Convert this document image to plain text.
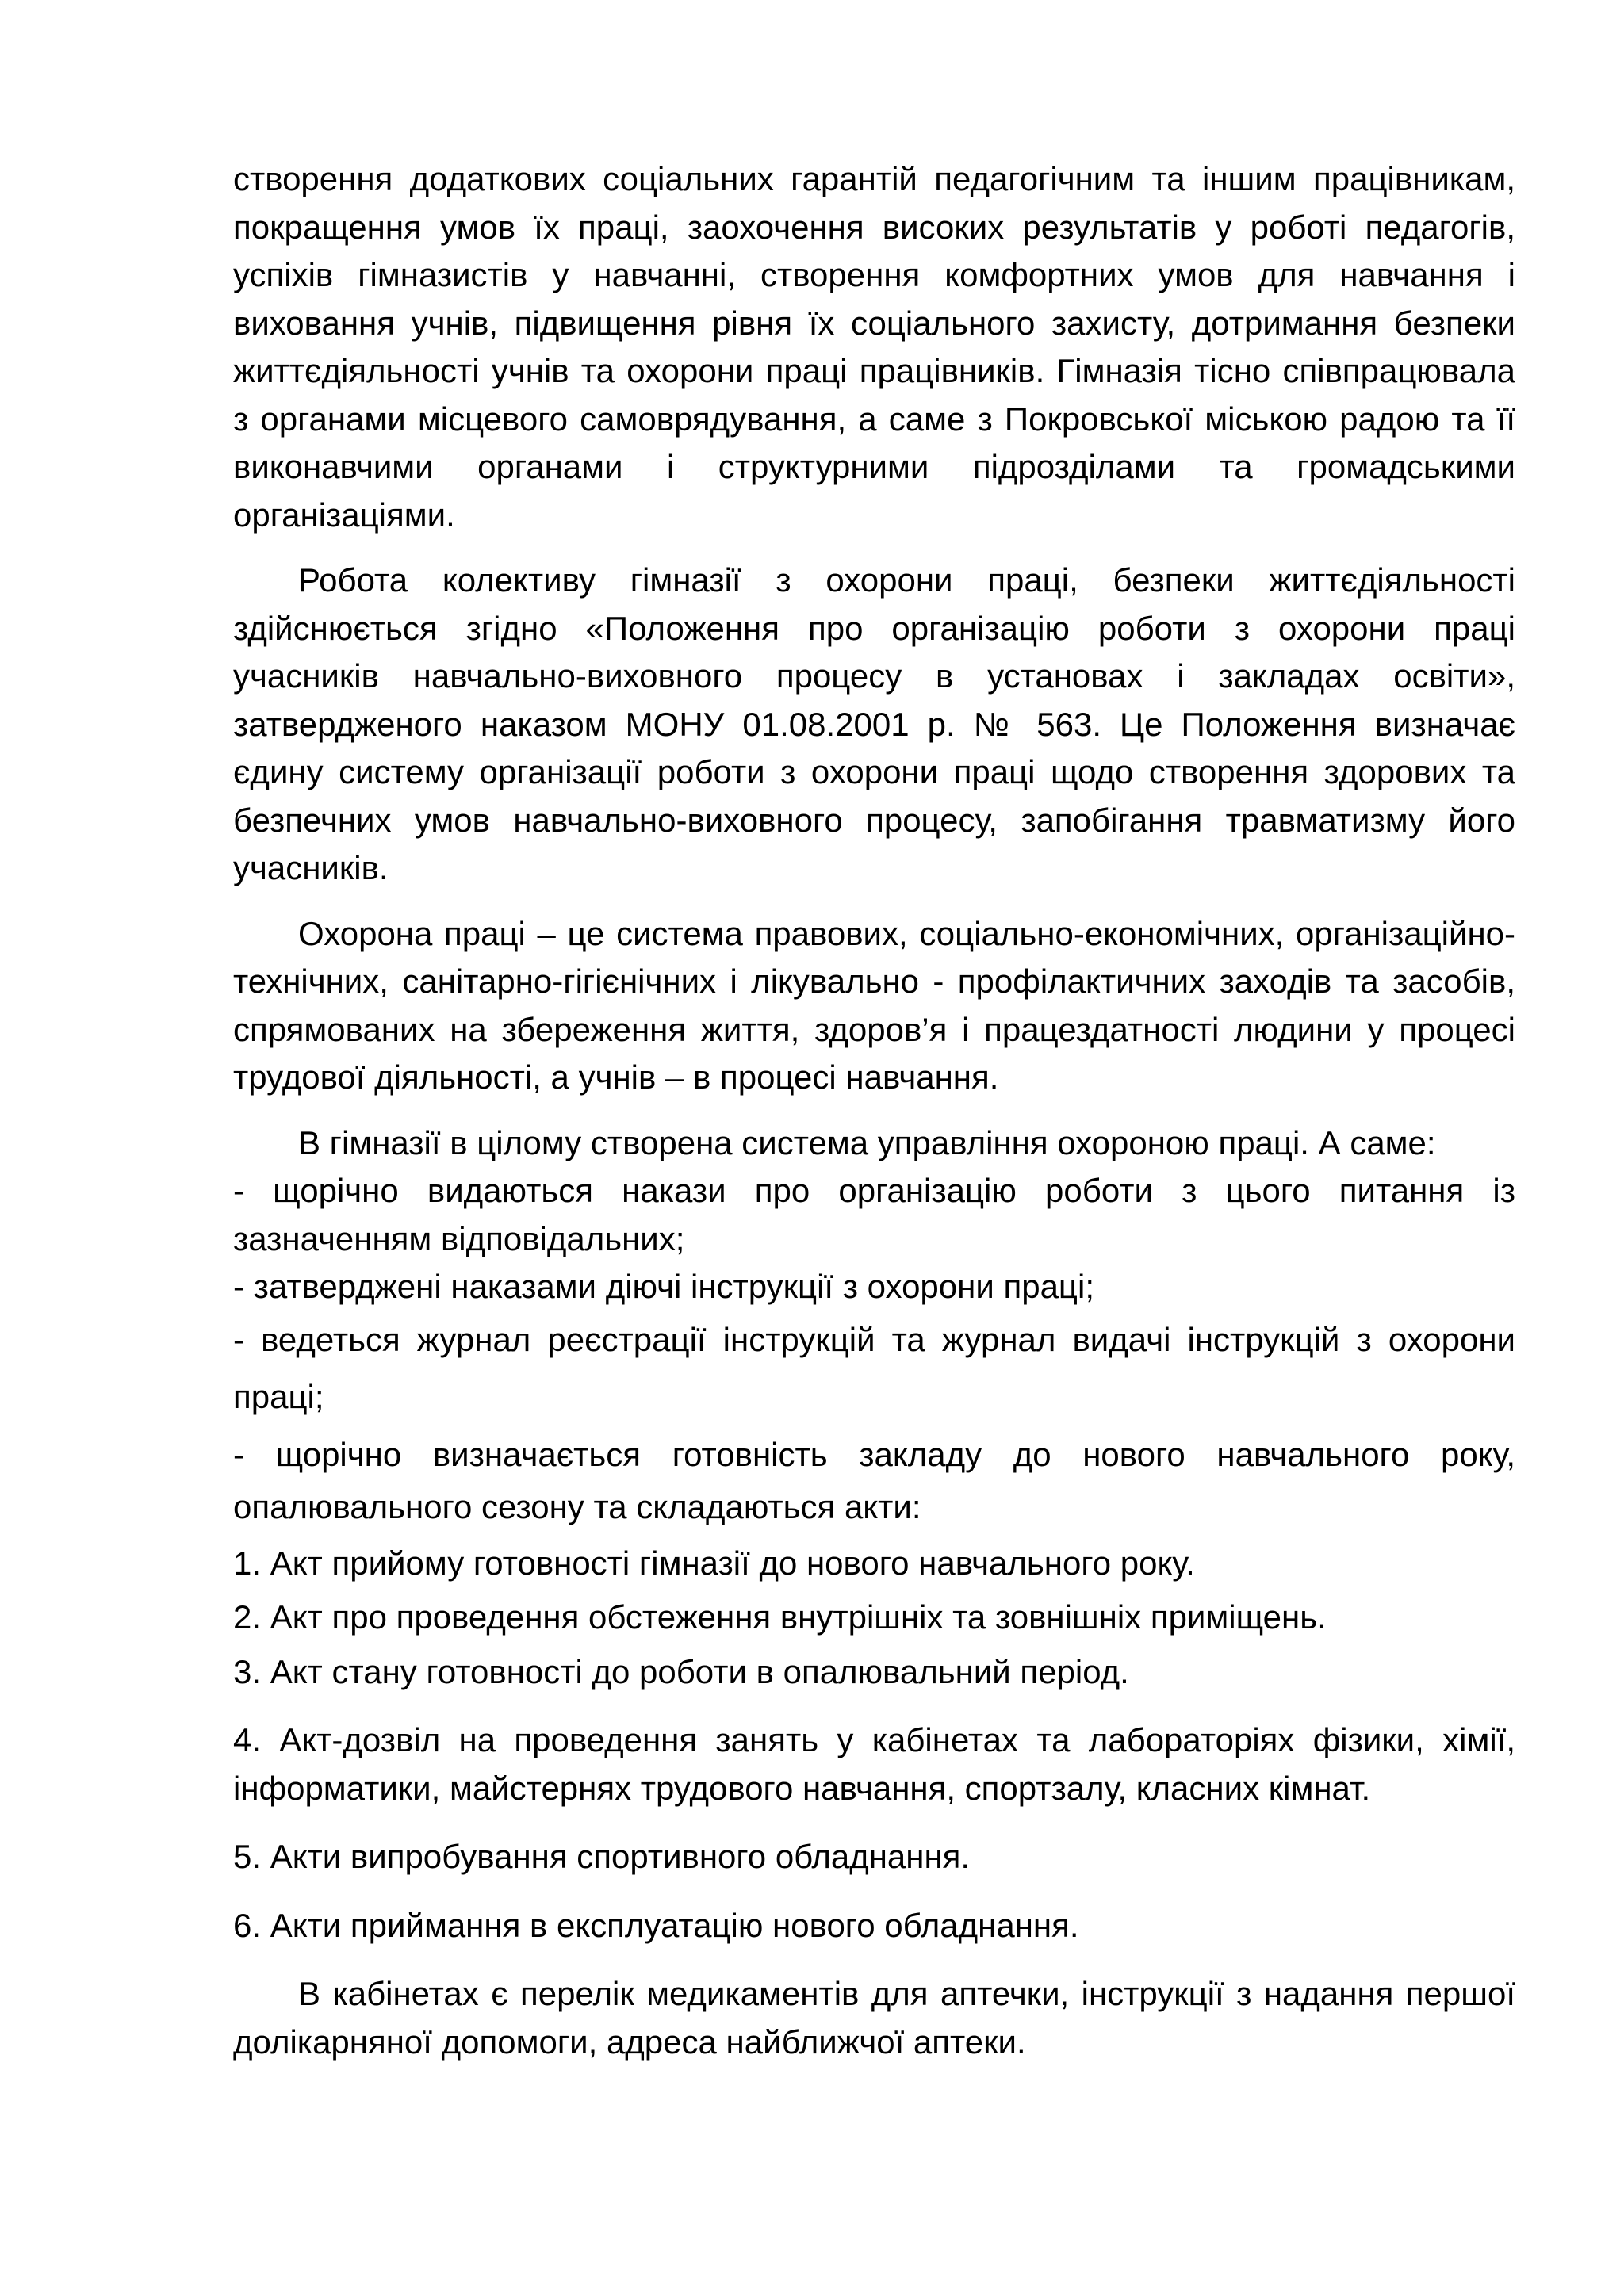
створення додаткових соціальних гарантій педагогічним та іншим працівникам, покращення умов їх праці, заохочення високих результатів у роботі педагогів, успіхів гімназистів у навчанні, створення комфортних умов для навчання і виховання учнів, підвищення рівня їх соціального захисту, дотримання безпеки життєдіяльності учнів та охорони праці працівників. Гімназія тісно співпрацювала з органами місцевого самоврядування, а саме з Покровської міською радою та її виконавчими органами і структурними підрозділами та громадськими організаціями.

Робота колективу гімназії з охорони праці, безпеки життєдіяльності здійснюється згідно «Положення про організацію роботи з охорони праці учасників навчально-виховного процесу в установах і закладах освіти», затвердженого наказом МОНУ 01.08.2001 р. № 563. Це Положення визначає єдину систему організації роботи з охорони праці щодо створення здорових та безпечних умов навчально-виховного процесу, запобігання травматизму його учасників.

Охорона праці – це система правових, соціально-економічних, організаційно-технічних, санітарно-гігієнічних і лікувально - профілактичних заходів та засобів, спрямованих на збереження життя, здоров’я і працездатності людини у процесі трудової діяльності, а учнів – в процесі навчання.

В гімназії в цілому створена система управління охороною праці. А саме:

- щорічно видаються накази про організацію роботи з цього питання із зазначенням відповідальних;

- затверджені наказами діючі інструкції з охорони праці;

- ведеться журнал реєстрації інструкцій та журнал видачі інструкцій з охорони праці;

- щорічно визначається готовність закладу до нового навчального року, опалювального сезону та складаються акти:

1. Акт прийому готовності гімназії до нового навчального року.

2. Акт про проведення обстеження внутрішніх та зовнішніх приміщень.

3. Акт стану готовності до роботи в опалювальний період.

4. Акт-дозвіл на проведення занять у кабінетах та лабораторіях фізики, хімії, інформатики, майстернях трудового навчання, спортзалу, класних кімнат.

5. Акти випробування спортивного обладнання.

6. Акти приймання в експлуатацію нового обладнання.

В кабінетах є перелік медикаментів для аптечки, інструкції з надання першої долікарняної допомоги, адреса найближчої аптеки.
